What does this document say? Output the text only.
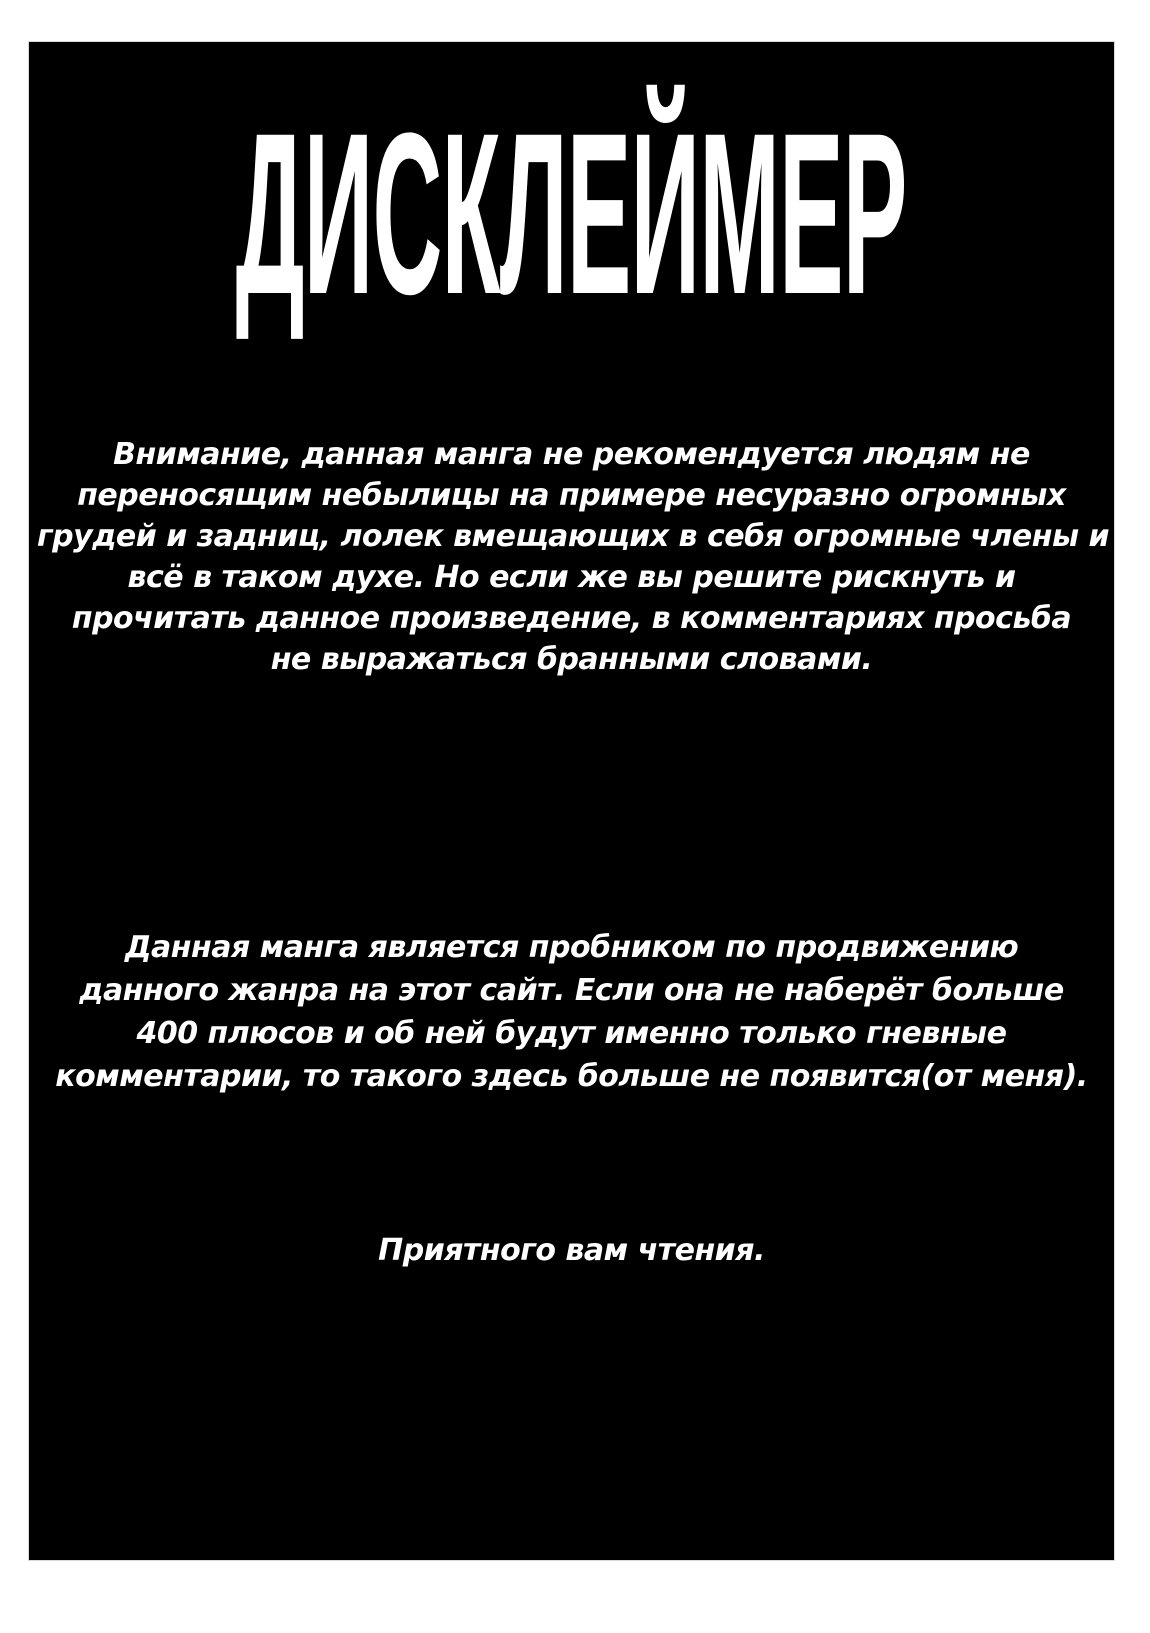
ДИСКЛЕЙМЕР
Внимание, данная манга не рекомендуется людям не
переносящим небылицы на примере несуразно огромных
грудей и задниц, лолек вмещающих в себя огромные члены и
всё в таком духе. Но если же вы решите рискнуть и
прочитать данное произведение, в комментариях просьба
не выражаться бранными словами.
Данная манга является пробником по продвижению
данного жанра на этот сайт. Если она не наберёт больше
400 плюсов и об ней будут именно только гневные
комментарии, то такого здесь больше не появится(от меня).
Приятного вам чтения.
